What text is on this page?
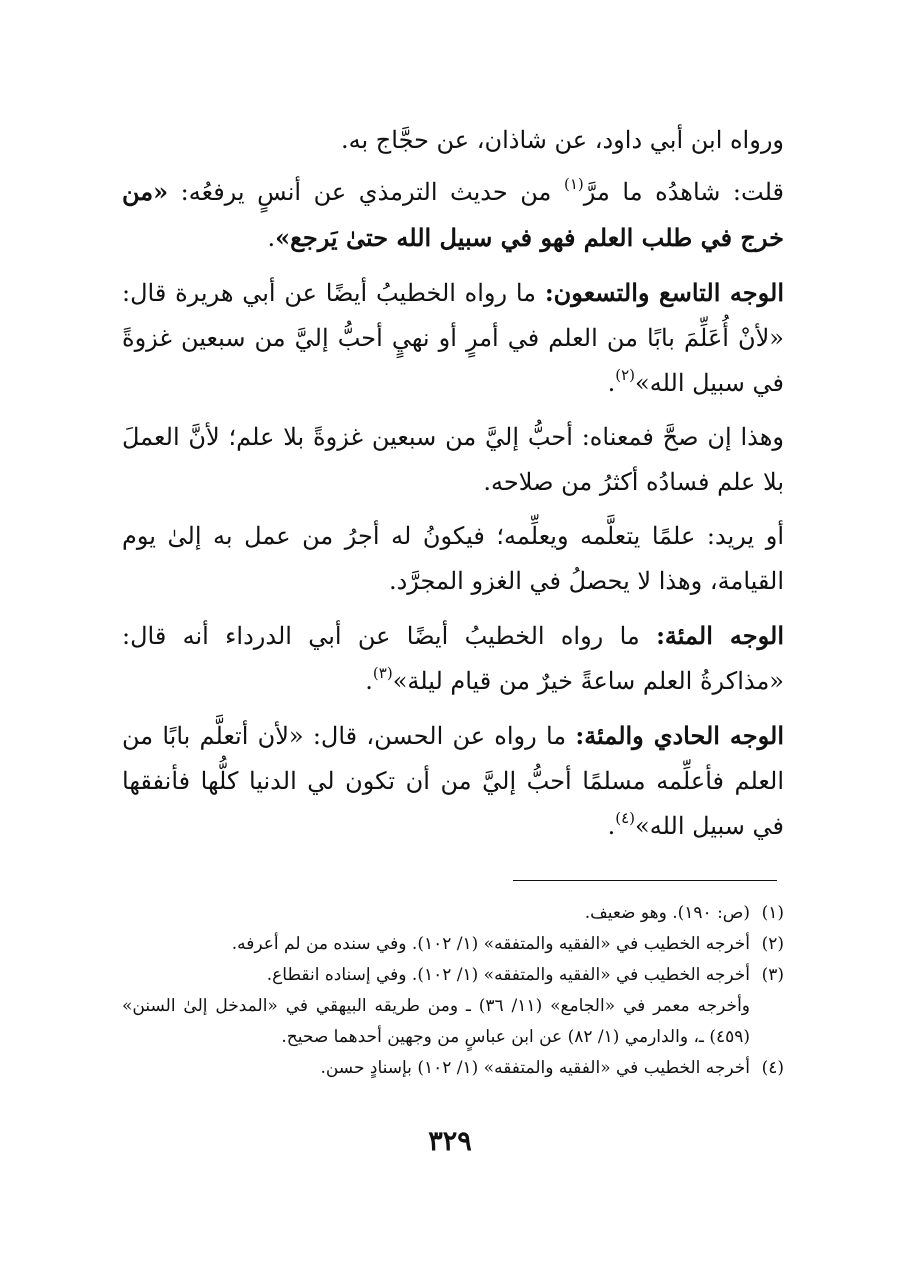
ورواه ابن أبي داود، عن شاذان، عن حجَّاج به.

قلت: شاهدُه ما مرَّ$^{(١)}$ من حديث الترمذي عن أنسٍ يرفعُه: «من خرج في طلب العلم فهو في سبيل الله حتىٰ يَرجع».

الوجه التاسع والتسعون: ما رواه الخطيبُ أيضًا عن أبي هريرة قال: «لأنْ أُعَلِّمَ بابًا من العلم في أمرٍ أو نهيٍ أحبُّ إليَّ من سبعين غزوةً في سبيل الله»$^{(٢)}$.

وهذا إن صحَّ فمعناه: أحبُّ إليَّ من سبعين غزوةً بلا علم؛ لأنَّ العملَ بلا علم فسادُه أكثرُ من صلاحه.

أو يريد: علمًا يتعلَّمه ويعلِّمه؛ فيكونُ له أجرُ من عمل به إلىٰ يوم القيامة، وهذا لا يحصلُ في الغزو المجرَّد.

الوجه المئة: ما رواه الخطيبُ أيضًا عن أبي الدرداء أنه قال: «مذاكرةُ العلم ساعةً خيرٌ من قيام ليلة»$^{(٣)}$.

الوجه الحادي والمئة: ما رواه عن الحسن، قال: «لأن أتعلَّم بابًا من العلم فأعلِّمه مسلمًا أحبُّ إليَّ من أن تكون لي الدنيا كلُّها فأنفقها في سبيل الله»$^{(٤)}$.

(١)(ص: ١٩٠). وهو ضعيف.

(٢)أخرجه الخطيب في «الفقيه والمتفقه» (١/ ١٠٢). وفي سنده من لم أعرفه.

(٣)أخرجه الخطيب في «الفقيه والمتفقه» (١/ ١٠٢). وفي إسناده انقطاع.

وأخرجه معمر في «الجامع» (١١/ ٣٦) ـ ومن طريقه البيهقي في «المدخل إلىٰ السنن» (٤٥٩) ـ، والدارمي (١/ ٨٢) عن ابن عباسٍ من وجهين أحدهما صحيح.

(٤)أخرجه الخطيب في «الفقيه والمتفقه» (١/ ١٠٢) بإسنادٍ حسن.

٣٢٩
